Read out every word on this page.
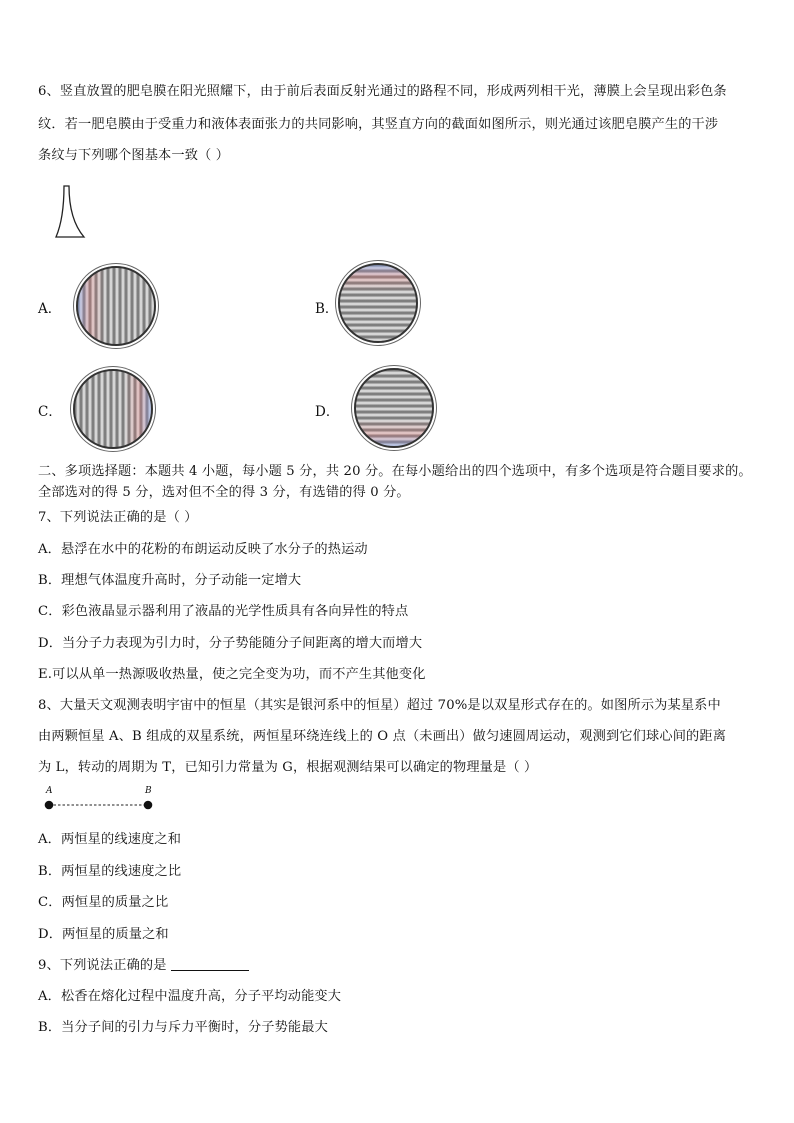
6、竖直放置的肥皂膜在阳光照耀下，由于前后表面反射光通过的路程不同，形成两列相干光，薄膜上会呈现出彩色条
纹．若一肥皂膜由于受重力和液体表面张力的共同影响，其竖直方向的截面如图所示，则光通过该肥皂膜产生的干涉
条纹与下列哪个图基本一致（ ）
A．	B．
C．	D．
二、多项选择题：本题共 4 小题，每小题 5 分，共 20 分。在每小题给出的四个选项中，有多个选项是符合题目要求的。
全部选对的得 5 分，选对但不全的得 3 分，有选错的得 0 分。
7、下列说法正确的是（ ）
A．悬浮在水中的花粉的布朗运动反映了水分子的热运动
B．理想气体温度升高时，分子动能一定增大
C．彩色液晶显示器利用了液晶的光学性质具有各向异性的特点
D．当分子力表现为引力时，分子势能随分子间距离的增大而增大
E.可以从单一热源吸收热量，使之完全变为功，而不产生其他变化
8、大量天文观测表明宇宙中的恒星（其实是银河系中的恒星）超过 70%是以双星形式存在的。如图所示为某星系中
由两颗恒星 A、B 组成的双星系统，两恒星环绕连线上的 O 点（未画出）做匀速圆周运动，观测到它们球心间的距离
为 L，转动的周期为 T，已知引力常量为 G，根据观测结果可以确定的物理量是（ ）
A	B
A．两恒星的线速度之和
B．两恒星的线速度之比
C．两恒星的质量之比
D．两恒星的质量之和
9、下列说法正确的是
A．松香在熔化过程中温度升高，分子平均动能变大
B．当分子间的引力与斥力平衡时，分子势能最大
